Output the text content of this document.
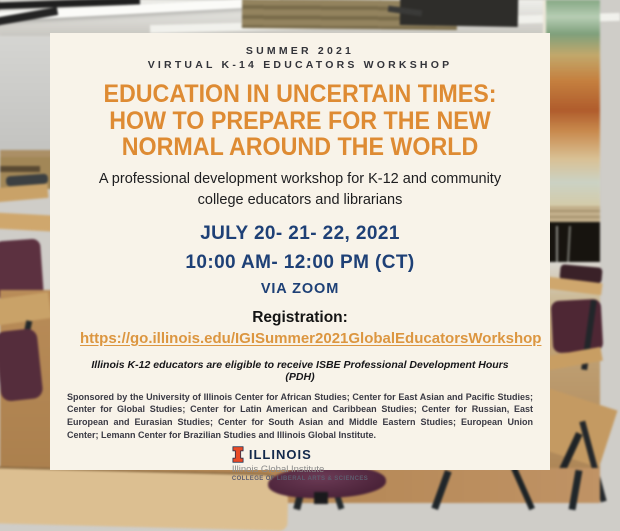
SUMMER 2021
VIRTUAL K-14 EDUCATORS WORKSHOP
EDUCATION IN UNCERTAIN TIMES:
HOW TO PREPARE FOR THE NEW
NORMAL AROUND THE WORLD
A professional development workshop for K-12 and community college educators and librarians
JULY 20- 21- 22, 2021
10:00 AM- 12:00 PM (CT)
VIA ZOOM
Registration:
https://go.illinois.edu/IGISummer2021GlobalEducatorsWorkshop
Illinois K-12 educators are eligible to receive ISBE Professional Development Hours (PDH)
Sponsored by the University of Illinois Center for African Studies; Center for East Asian and Pacific Studies; Center for Global Studies; Center for Latin American and Caribbean Studies; Center for Russian, East European and Eurasian Studies; Center for South Asian and Middle Eastern Studies; European Union Center; Lemann Center for Brazilian Studies and Illinois Global Institute.
ILLINOIS
Illinois Global Institute
COLLEGE OF LIBERAL ARTS & SCIENCES
